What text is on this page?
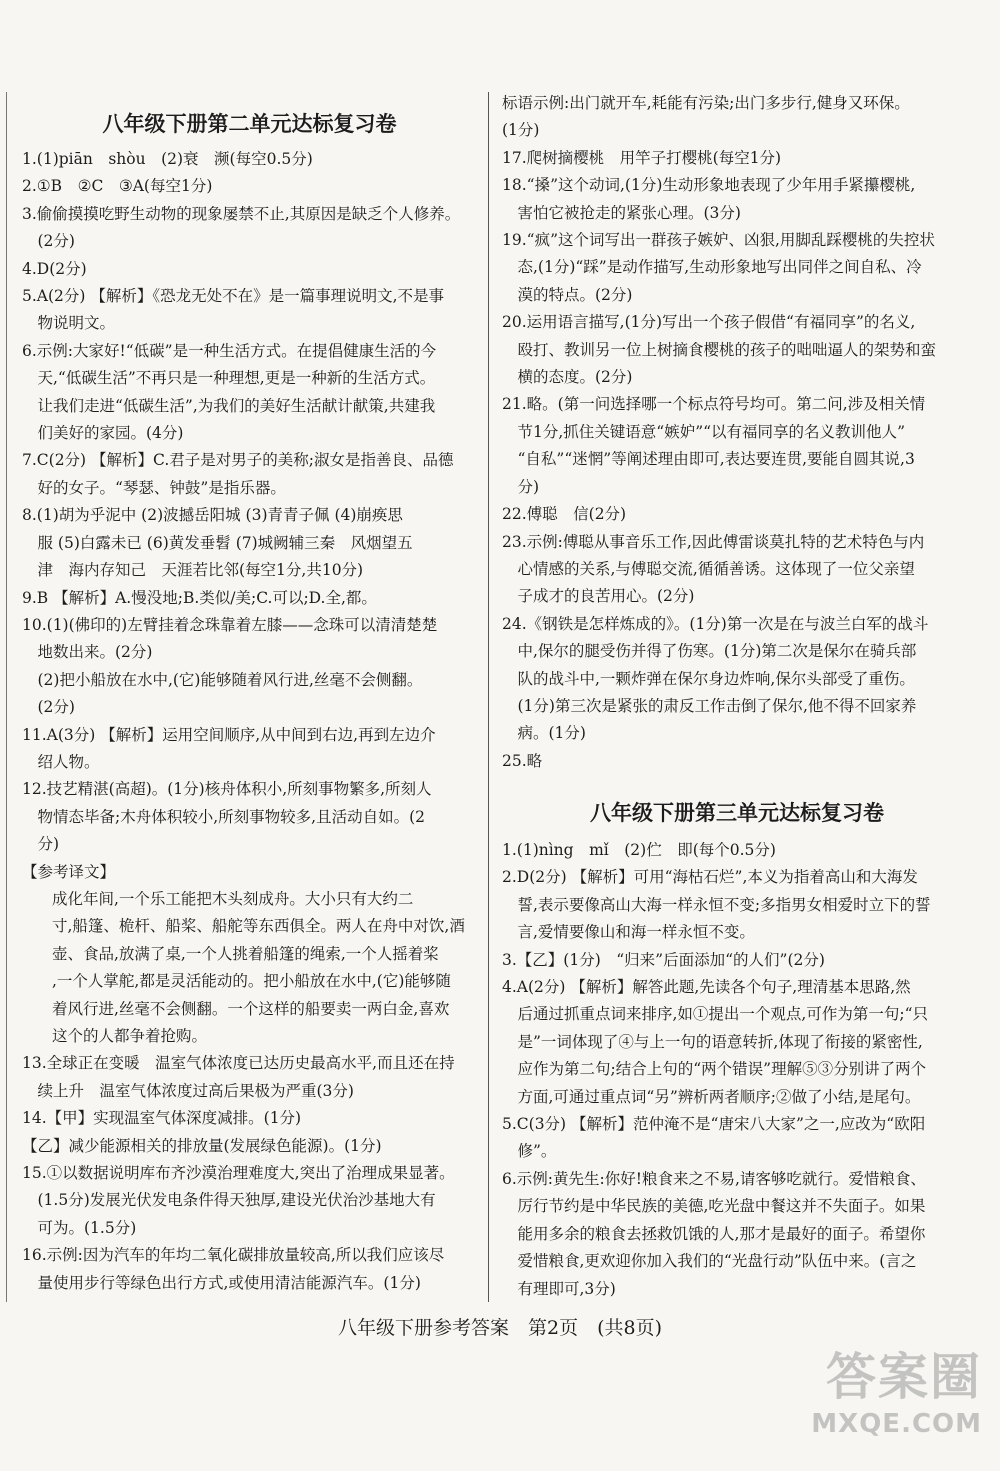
八年级下册第二单元达标复习卷
1.(1)piān　shòu　(2)衰　濒(每空0.5分)
2.①B　②C　③A(每空1分)
3.偷偷摸摸吃野生动物的现象屡禁不止,其原因是缺乏个人修养。
　(2分)
4.D(2分)
5.A(2分) 【解析】《恐龙无处不在》是一篇事理说明文,不是事
　物说明文。
6.示例:大家好!“低碳”是一种生活方式。在提倡健康生活的今
　天,“低碳生活”不再只是一种理想,更是一种新的生活方式。
　让我们走进“低碳生活”,为我们的美好生活献计献策,共建我
　们美好的家园。(4分)
7.C(2分) 【解析】C.君子是对男子的美称;淑女是指善良、品德
　好的女子。“琴瑟、钟鼓”是指乐器。
8.(1)胡为乎泥中 (2)波撼岳阳城 (3)青青子佩 (4)崩痪思
　服 (5)白露未已 (6)黄发垂髫 (7)城阙辅三秦　风烟望五
　津　海内存知己　天涯若比邻(每空1分,共10分)
9.B 【解析】A.慢没地;B.类似/美;C.可以;D.全,都。
10.(1)(佛印的)左臂挂着念珠靠着左膝——念珠可以清清楚楚
　地数出来。(2分)
　(2)把小船放在水中,(它)能够随着风行进,丝毫不会侧翻。
　(2分)
11.A(3分) 【解析】运用空间顺序,从中间到右边,再到左边介
　绍人物。
12.技艺精湛(高超)。(1分)核舟体积小,所刻事物繁多,所刻人
　物情态毕备;木舟体积较小,所刻事物较多,且活动自如。(2
　分)
【参考译文】
成化年间,一个乐工能把木头刻成舟。大小只有大约二
寸,船篷、桅杆、船桨、船舵等东西俱全。两人在舟中对饮,酒
壶、食品,放满了桌,一个人挑着船篷的绳索,一个人摇着桨
,一个人掌舵,都是灵活能动的。把小船放在水中,(它)能够随
着风行进,丝毫不会侧翻。一个这样的船要卖一两白金,喜欢
这个的人都争着抢购。
13.全球正在变暖　温室气体浓度已达历史最高水平,而且还在持
　续上升　温室气体浓度过高后果极为严重(3分)
14.【甲】实现温室气体深度减排。(1分)
【乙】减少能源相关的排放量(发展绿色能源)。(1分)
15.①以数据说明库布齐沙漠治理难度大,突出了治理成果显著。
　(1.5分)发展光伏发电条件得天独厚,建设光伏治沙基地大有
　可为。(1.5分)
16.示例:因为汽车的年均二氧化碳排放量较高,所以我们应该尽
　量使用步行等绿色出行方式,或使用清洁能源汽车。(1分)
标语示例:出门就开车,耗能有污染;出门多步行,健身又环保。
(1分)
17.爬树摘樱桃　用竿子打樱桃(每空1分)
18.“搡”这个动词,(1分)生动形象地表现了少年用手紧攥樱桃,
　害怕它被抢走的紧张心理。(3分)
19.“疯”这个词写出一群孩子嫉妒、凶狠,用脚乱踩樱桃的失控状
　态,(1分)“踩”是动作描写,生动形象地写出同伴之间自私、冷
　漠的特点。(2分)
20.运用语言描写,(1分)写出一个孩子假借“有福同享”的名义,
　殴打、教训另一位上树摘食樱桃的孩子的咄咄逼人的架势和蛮
　横的态度。(2分)
21.略。(第一问选择哪一个标点符号均可。第二问,涉及相关情
　节1分,抓住关键语意“嫉妒”“以有福同享的名义教训他人”
　“自私”“迷惘”等阐述理由即可,表达要连贯,要能自圆其说,3
　分)
22.傅聪　信(2分)
23.示例:傅聪从事音乐工作,因此傅雷谈莫扎特的艺术特色与内
　心情感的关系,与傅聪交流,循循善诱。这体现了一位父亲望
　子成才的良苦用心。(2分)
24.《钢铁是怎样炼成的》。(1分)第一次是在与波兰白军的战斗
　中,保尔的腿受伤并得了伤寒。(1分)第二次是保尔在骑兵部
　队的战斗中,一颗炸弹在保尔身边炸响,保尔头部受了重伤。
　(1分)第三次是紧张的肃反工作击倒了保尔,他不得不回家养
　病。(1分)
25.略
八年级下册第三单元达标复习卷
1.(1)nìng　mǐ　(2)伫　即(每个0.5分)
2.D(2分) 【解析】可用“海枯石烂”,本义为指着高山和大海发
　誓,表示要像高山大海一样永恒不变;多指男女相爱时立下的誓
　言,爱情要像山和海一样永恒不变。
3.【乙】(1分)　“归来”后面添加“的人们”(2分)
4.A(2分) 【解析】解答此题,先读各个句子,理清基本思路,然
　后通过抓重点词来排序,如①提出一个观点,可作为第一句;“只
　是”一词体现了④与上一句的语意转折,体现了衔接的紧密性,
　应作为第二句;结合上句的“两个错误”理解⑤③分别讲了两个
　方面,可通过重点词“另”辨析两者顺序;②做了小结,是尾句。
5.C(3分) 【解析】范仲淹不是“唐宋八大家”之一,应改为“欧阳
　修”。
6.示例:黄先生:你好!粮食来之不易,请客够吃就行。爱惜粮食、
　厉行节约是中华民族的美德,吃光盘中餐这并不失面子。如果
　能用多余的粮食去拯救饥饿的人,那才是最好的面子。希望你
　爱惜粮食,更欢迎你加入我们的“光盘行动”队伍中来。(言之
　有理即可,3分)
八年级下册参考答案　第2页　(共8页)
答案圈
MXQE.COM
